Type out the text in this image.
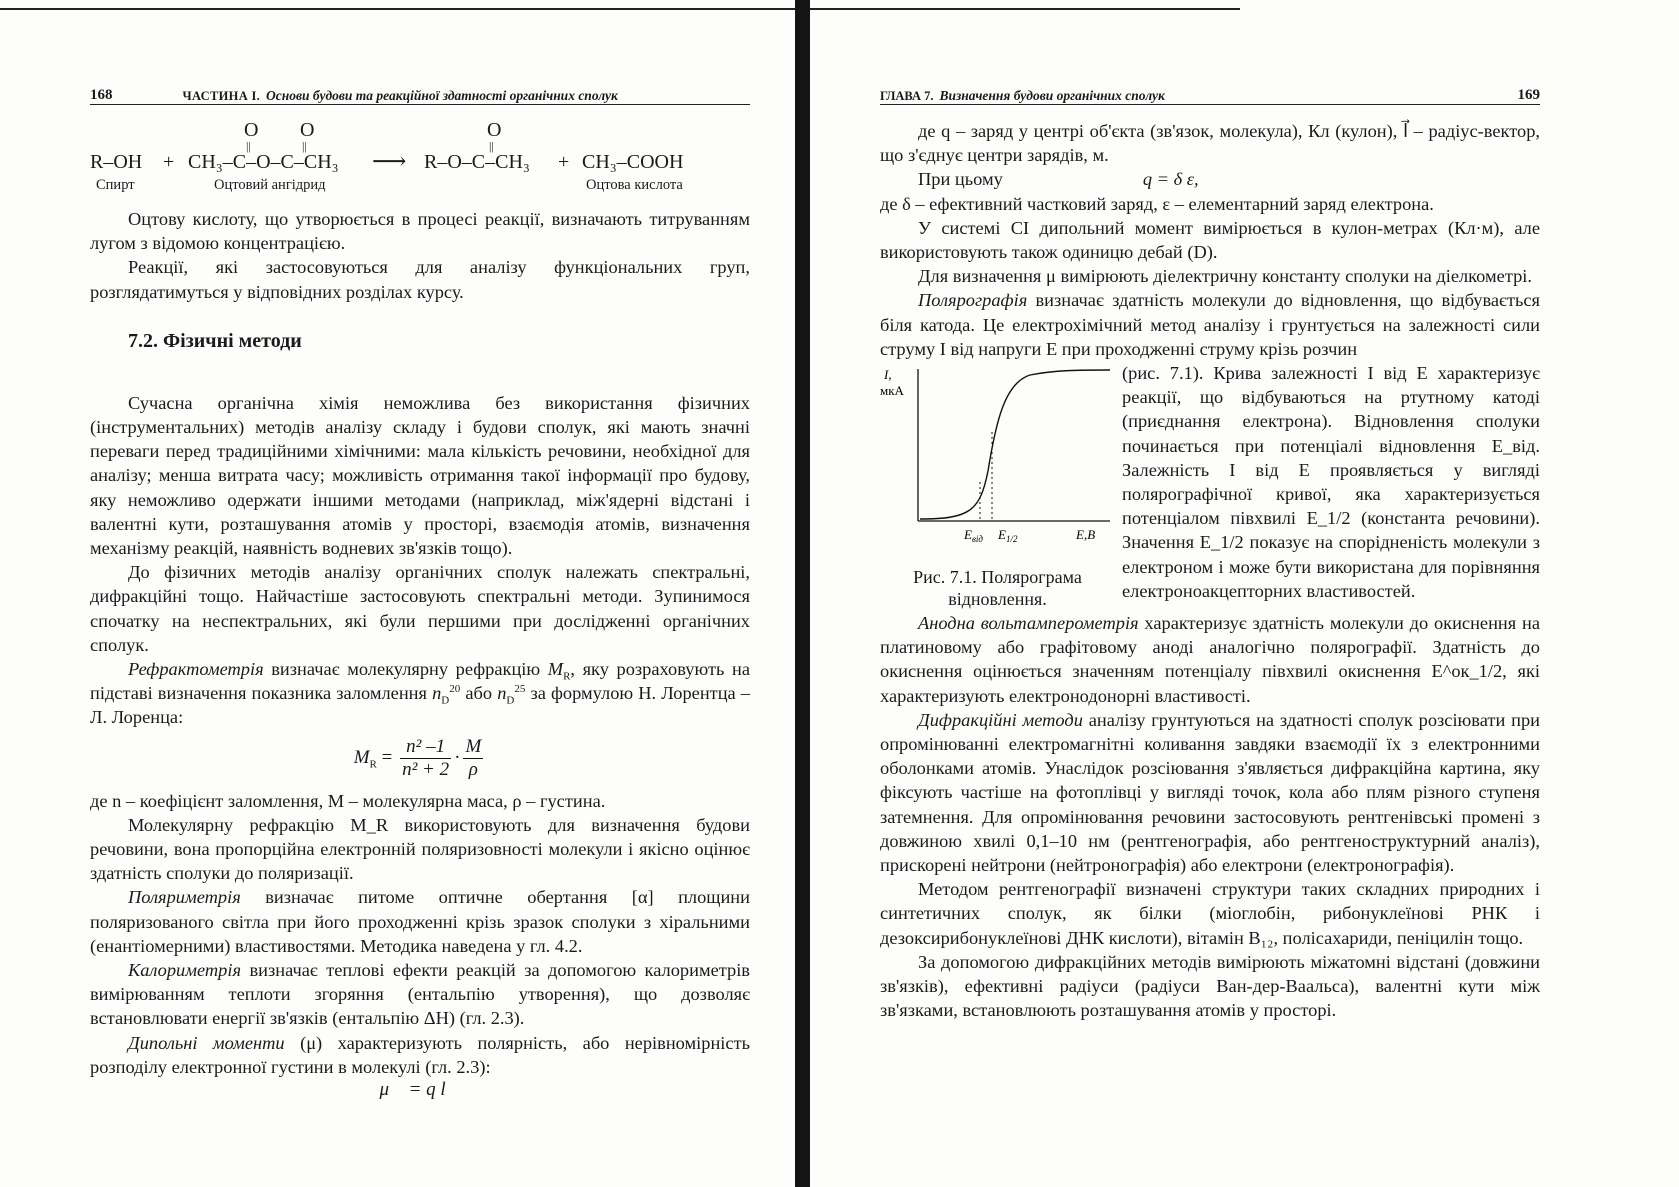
168	ЧАСТИНА I. Основи будови та реакційної здатності органічних сполук
O O	O
||	||	||
R–OH + CH₃–C–O–C–CH₃ ⟶ R–O–C–CH₃ + CH₃–COOH
Спирт	Оцтовий ангідрид	Оцтова кислота

Оцтову кислоту, що утворюється в процесі реакції, визначають титруванням лугом з відомою концентрацією.

Реакції, які застосовуються для аналізу функціональних груп, розглядатимуться у відповідних розділах курсу.

7.2. Фізичні методи

Сучасна органічна хімія неможлива без використання фізичних (інструментальних) методів аналізу складу і будови сполук, які мають значні переваги перед традиційними хімічними: мала кількість речовини, необхідної для аналізу; менша витрата часу; можливість отримання такої інформації про будову, яку неможливо одержати іншими методами (наприклад, між'ядерні відстані і валентні кути, розташування атомів у просторі, взаємодія атомів, визначення механізму реакцій, наявність водневих зв'язків тощо).

До фізичних методів аналізу органічних сполук належать спектральні, дифракційні тощо. Найчастіше застосовують спектральні методи. Зупинимося спочатку на неспектральних, які були першими при дослідженні органічних сполук.

Рефрактометрія визначає молекулярну рефракцію $M_R$, яку розраховують на підставі визначення показника заломлення $n_D^{20}$ або $n_D^{25}$ за формулою Н. Лорентца – Л. Лоренца:

$M_R = \frac{\text{n² –1}}{\text{n² + 2}} \cdot \frac{M}{\rho}$

де n – коефіцієнт заломлення, M – молекулярна маса, ρ – густина.

Молекулярну рефракцію M_R використовують для визначення будови речовини, вона пропорційна електронній поляризовності молекули і якісно оцінює здатність сполуки до поляризації.

Поляриметрія визначає питоме оптичне обертання [α] площини поляризованого світла при його проходженні крізь зразок сполуки з хіральними (енантіомерними) властивостями. Методика наведена у гл. 4.2.

Калориметрія визначає теплові ефекти реакцій за допомогою калориметрів вимірюванням теплоти згоряння (ентальпію утворення), що дозволяє встановлювати енергії зв'язків (ентальпію ΔH) (гл. 2.3).

Дипольні моменти (μ) характеризують полярність, або нерівномірність розподілу електронної густини в молекулі (гл. 2.3):

μ⃗ = q l⃗
ГЛАВА 7. Визначення будови органічних сполук	169

де q – заряд у центрі об'єкта (зв'язок, молекула), Кл (кулон), l⃗ – радіус-вектор, що з'єднує центри зарядів, м.

При цьому	q = δ ε,

де δ – ефективний частковий заряд, ε – елементарний заряд електрона.

У системі СІ дипольний момент вимірюється в кулон-метрах (Кл·м), але використовують також одиницю дебай (D).

Для визначення μ вимірюють діелектричну константу сполуки на діелкометрі.

Полярографія визначає здатність молекули до відновлення, що відбувається біля катода. Це електрохімічний метод аналізу і грунтується на залежності сили струму I від напруги E при проходженні струму крізь розчин

I,
мкА
$E_{від}$ $E_{1/2}$	E,В
Рис. 7.1. Полярограма відновлення.

(рис. 7.1). Крива залежності I від E характеризує реакції, що відбуваються на ртутному катоді (приєднання електрона). Відновлення сполуки починається при потенціалі відновлення E_від. Залежність I від E проявляється у вигляді полярографічної кривої, яка характеризується потенціалом півхвилі E_1/2 (константа речовини). Значення E_1/2 показує на спорідненість молекули з електроном і може бути використана для порівняння електроноакцепторних властивостей.

Анодна вольтамперометрія характеризує здатність молекули до окиснення на платиновому або графітовому аноді аналогічно полярографії. Здатність до окиснення оцінюється значенням потенціалу півхвилі окиснення E^ок_1/2, які характеризують електронодонорні властивості.

Дифракційні методи аналізу грунтуються на здатності сполук розсіювати при опромінюванні електромагнітні коливання завдяки взаємодії їх з електронними оболонками атомів. Унаслідок розсіювання з'являється дифракційна картина, яку фіксують частіше на фотоплівці у вигляді точок, кола або плям різного ступеня затемнення. Для опромінювання речовини застосовують рентгенівські промені з довжиною хвилі 0,1–10 нм (рентгенографія, або рентгеноструктурний аналіз), прискорені нейтрони (нейтронографія) або електрони (електронографія).

Методом рентгенографії визначені структури таких складних природних і синтетичних сполук, як білки (міоглобін, рибонуклеїнові РНК і дезоксирибонуклеїнові ДНК кислоти), вітамін B₁₂, полісахариди, пеніцилін тощо.

За допомогою дифракційних методів вимірюють міжатомні відстані (довжини зв'язків), ефективні радіуси (радіуси Ван-дер-Ваальса), валентні кути між зв'язками, встановлюють розташування атомів у просторі.
